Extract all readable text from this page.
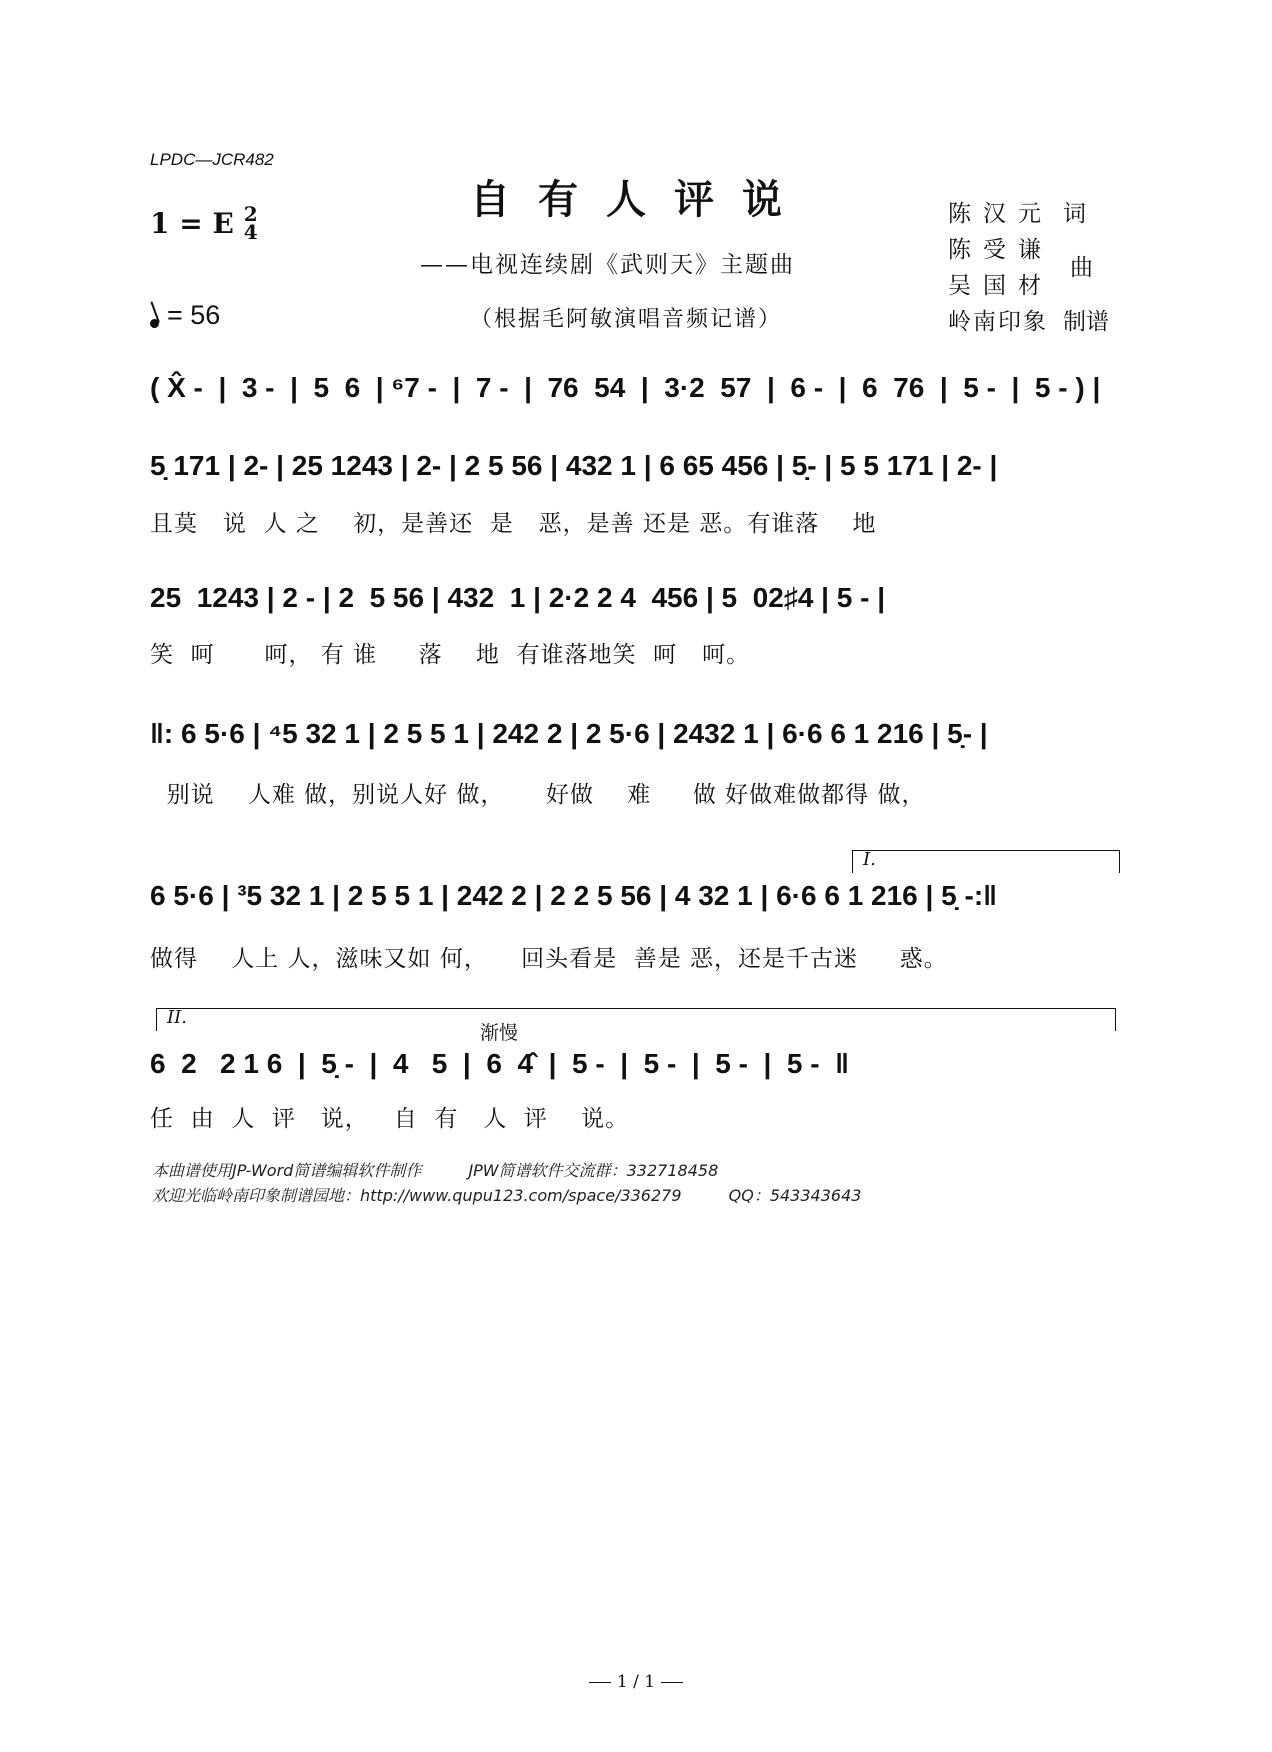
LPDC—JCR482
自有人评说
1 = E 2
4
——电视连续剧《武则天》主题曲
= 56	（根据毛阿敏演唱音频记谱）
陈汉元 词
陈受谦
吴国材
曲
岭南印象 制谱
( X̂ -  |  3 -  |  5  6  | ⁶7 -  |  7 -  |  76  54  |  3·2  57  |  6 -  |  6  76  |  5 -  |  5 - ) |
5̣ 171 | 2- | 25 1243 | 2- | 2 5 56 | 432 1 | 6 65 456 | 5̣- | 5 5 171 | 2- |
且莫   说  人 之    初，是善还  是   恶，是善 还是 恶。有谁落    地
25  1243 | 2 - | 2  5 56 | 432  1 | 2·2 2 4  456 | 5  02♯4 | 5 - |
笑  呵      呵， 有 谁     落    地  有谁落地笑  呵   呵。
‖: 6 5·6 | ⁴5 32 1 | 2 5 5 1 | 242 2 | 2 5·6 | 2432 1 | 6·6 6 1 216 | 5̣- |
别说    人难 做，别说人好 做，     好做    难     做 好做难做都得 做，
I.
6 5·6 | ³5 32 1 | 2 5 5 1 | 242 2 | 2 2 5 56 | 4 32 1 | 6·6 6 1 216 | 5̣ -:‖
做得    人上 人，滋味又如 何，    回头看是  善是 恶，还是千古迷     惑。
II.
渐慢
6  2   2 1 6  |  5̣ -  |  4   5  |  6  4̂  |  5 -  |  5 -  |  5 -  |  5 -  ‖
任  由  人  评   说，   自  有   人  评    说。
本曲谱使用JP-Word简谱编辑软件制作	JPW简谱软件交流群：332718458
欢迎光临岭南印象制谱园地：http://www.qupu123.com/space/336279	QQ：543343643
1 / 1
